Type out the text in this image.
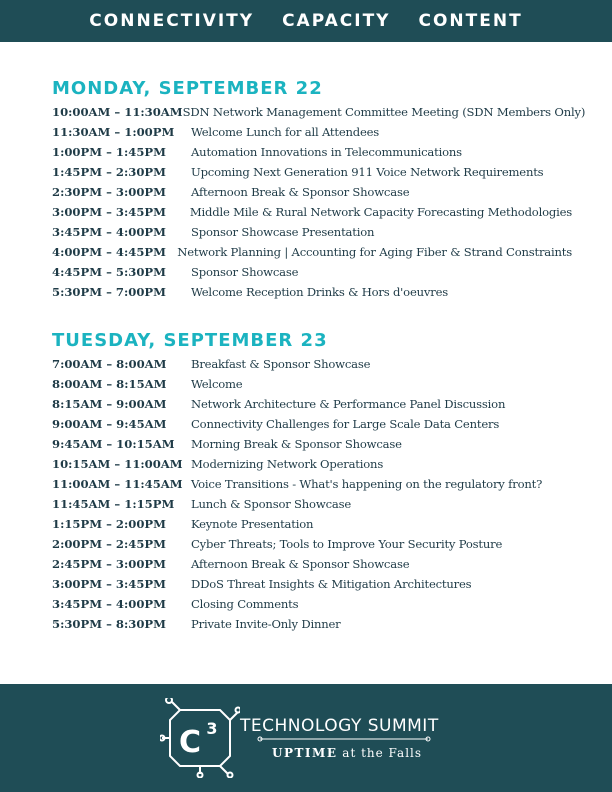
CONNECTIVITY CAPACITY CONTENT
MONDAY, SEPTEMBER 22
10:00AM – 11:30AM SDN Network Management Committee Meeting (SDN Members Only)
11:30AM – 1:00PM	Welcome Lunch for all Attendees
1:00PM – 1:45PM	Automation Innovations in Telecommunications
1:45PM – 2:30PM	Upcoming Next Generation 911 Voice Network Requirements
2:30PM – 3:00PM	Afternoon Break & Sponsor Showcase
3:00PM – 3:45PM	Middle Mile & Rural Network Capacity Forecasting Methodologies
3:45PM – 4:00PM	Sponsor Showcase Presentation
4:00PM – 4:45PM Network Planning | Accounting for Aging Fiber & Strand Constraints
4:45PM – 5:30PM	Sponsor Showcase
5:30PM – 7:00PM	Welcome Reception Drinks & Hors d'oeuvres
TUESDAY, SEPTEMBER 23
7:00AM – 8:00AM	Breakfast & Sponsor Showcase
8:00AM – 8:15AM	Welcome
8:15AM – 9:00AM	Network Architecture & Performance Panel Discussion
9:00AM – 9:45AM	Connectivity Challenges for Large Scale Data Centers
9:45AM – 10:15AM	Morning Break & Sponsor Showcase
10:15AM – 11:00AM Modernizing Network Operations
11:00AM – 11:45AM Voice Transitions - What's happening on the regulatory front?
11:45AM – 1:15PM	Lunch & Sponsor Showcase
1:15PM – 2:00PM	Keynote Presentation
2:00PM – 2:45PM	Cyber Threats; Tools to Improve Your Security Posture
2:45PM – 3:00PM	Afternoon Break & Sponsor Showcase
3:00PM – 3:45PM	DDoS Threat Insights & Mitigation Architectures
3:45PM – 4:00PM	Closing Comments
5:30PM – 8:30PM	Private Invite-Only Dinner
C 3 TECHNOLOGY SUMMIT
UPTIME at the Falls
